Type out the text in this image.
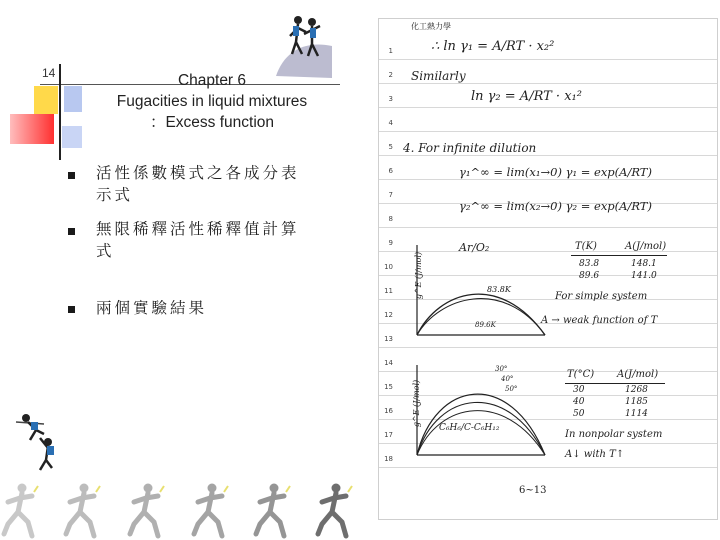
14	Chapter 6
Fugacities in liquid mixtures
：Excess function
活性係數模式之各成分表
示式
無限稀釋活性稀釋值計算
式
兩個實驗結果
化工熱力學
1
2
3
4
5
6
7
8
9
10
11
12
13
14
15
16
17
18
∴ ln γ₁ = A/RT · x₂²
Similarly
ln γ₂ = A/RT · x₁²
4. For infinite dilution
γ₁^∞ = lim(x₁→0) γ₁ = exp(A/RT)
γ₂^∞ = lim(x₂→0) γ₂ = exp(A/RT)
Ar/O₂
g^E (J/mol)	83.8K
89.6K
T(K)	A(J/mol)
83.8	148.1
89.6	141.0
For simple system
A → weak function of T
g^E (J/mol)
30°
40°
50°
C₆H₆/C-C₆H₁₂
T(°C) A(J/mol)
30	1268
40	1185
50	1114
In nonpolar system
A↓ with T↑
6~13
